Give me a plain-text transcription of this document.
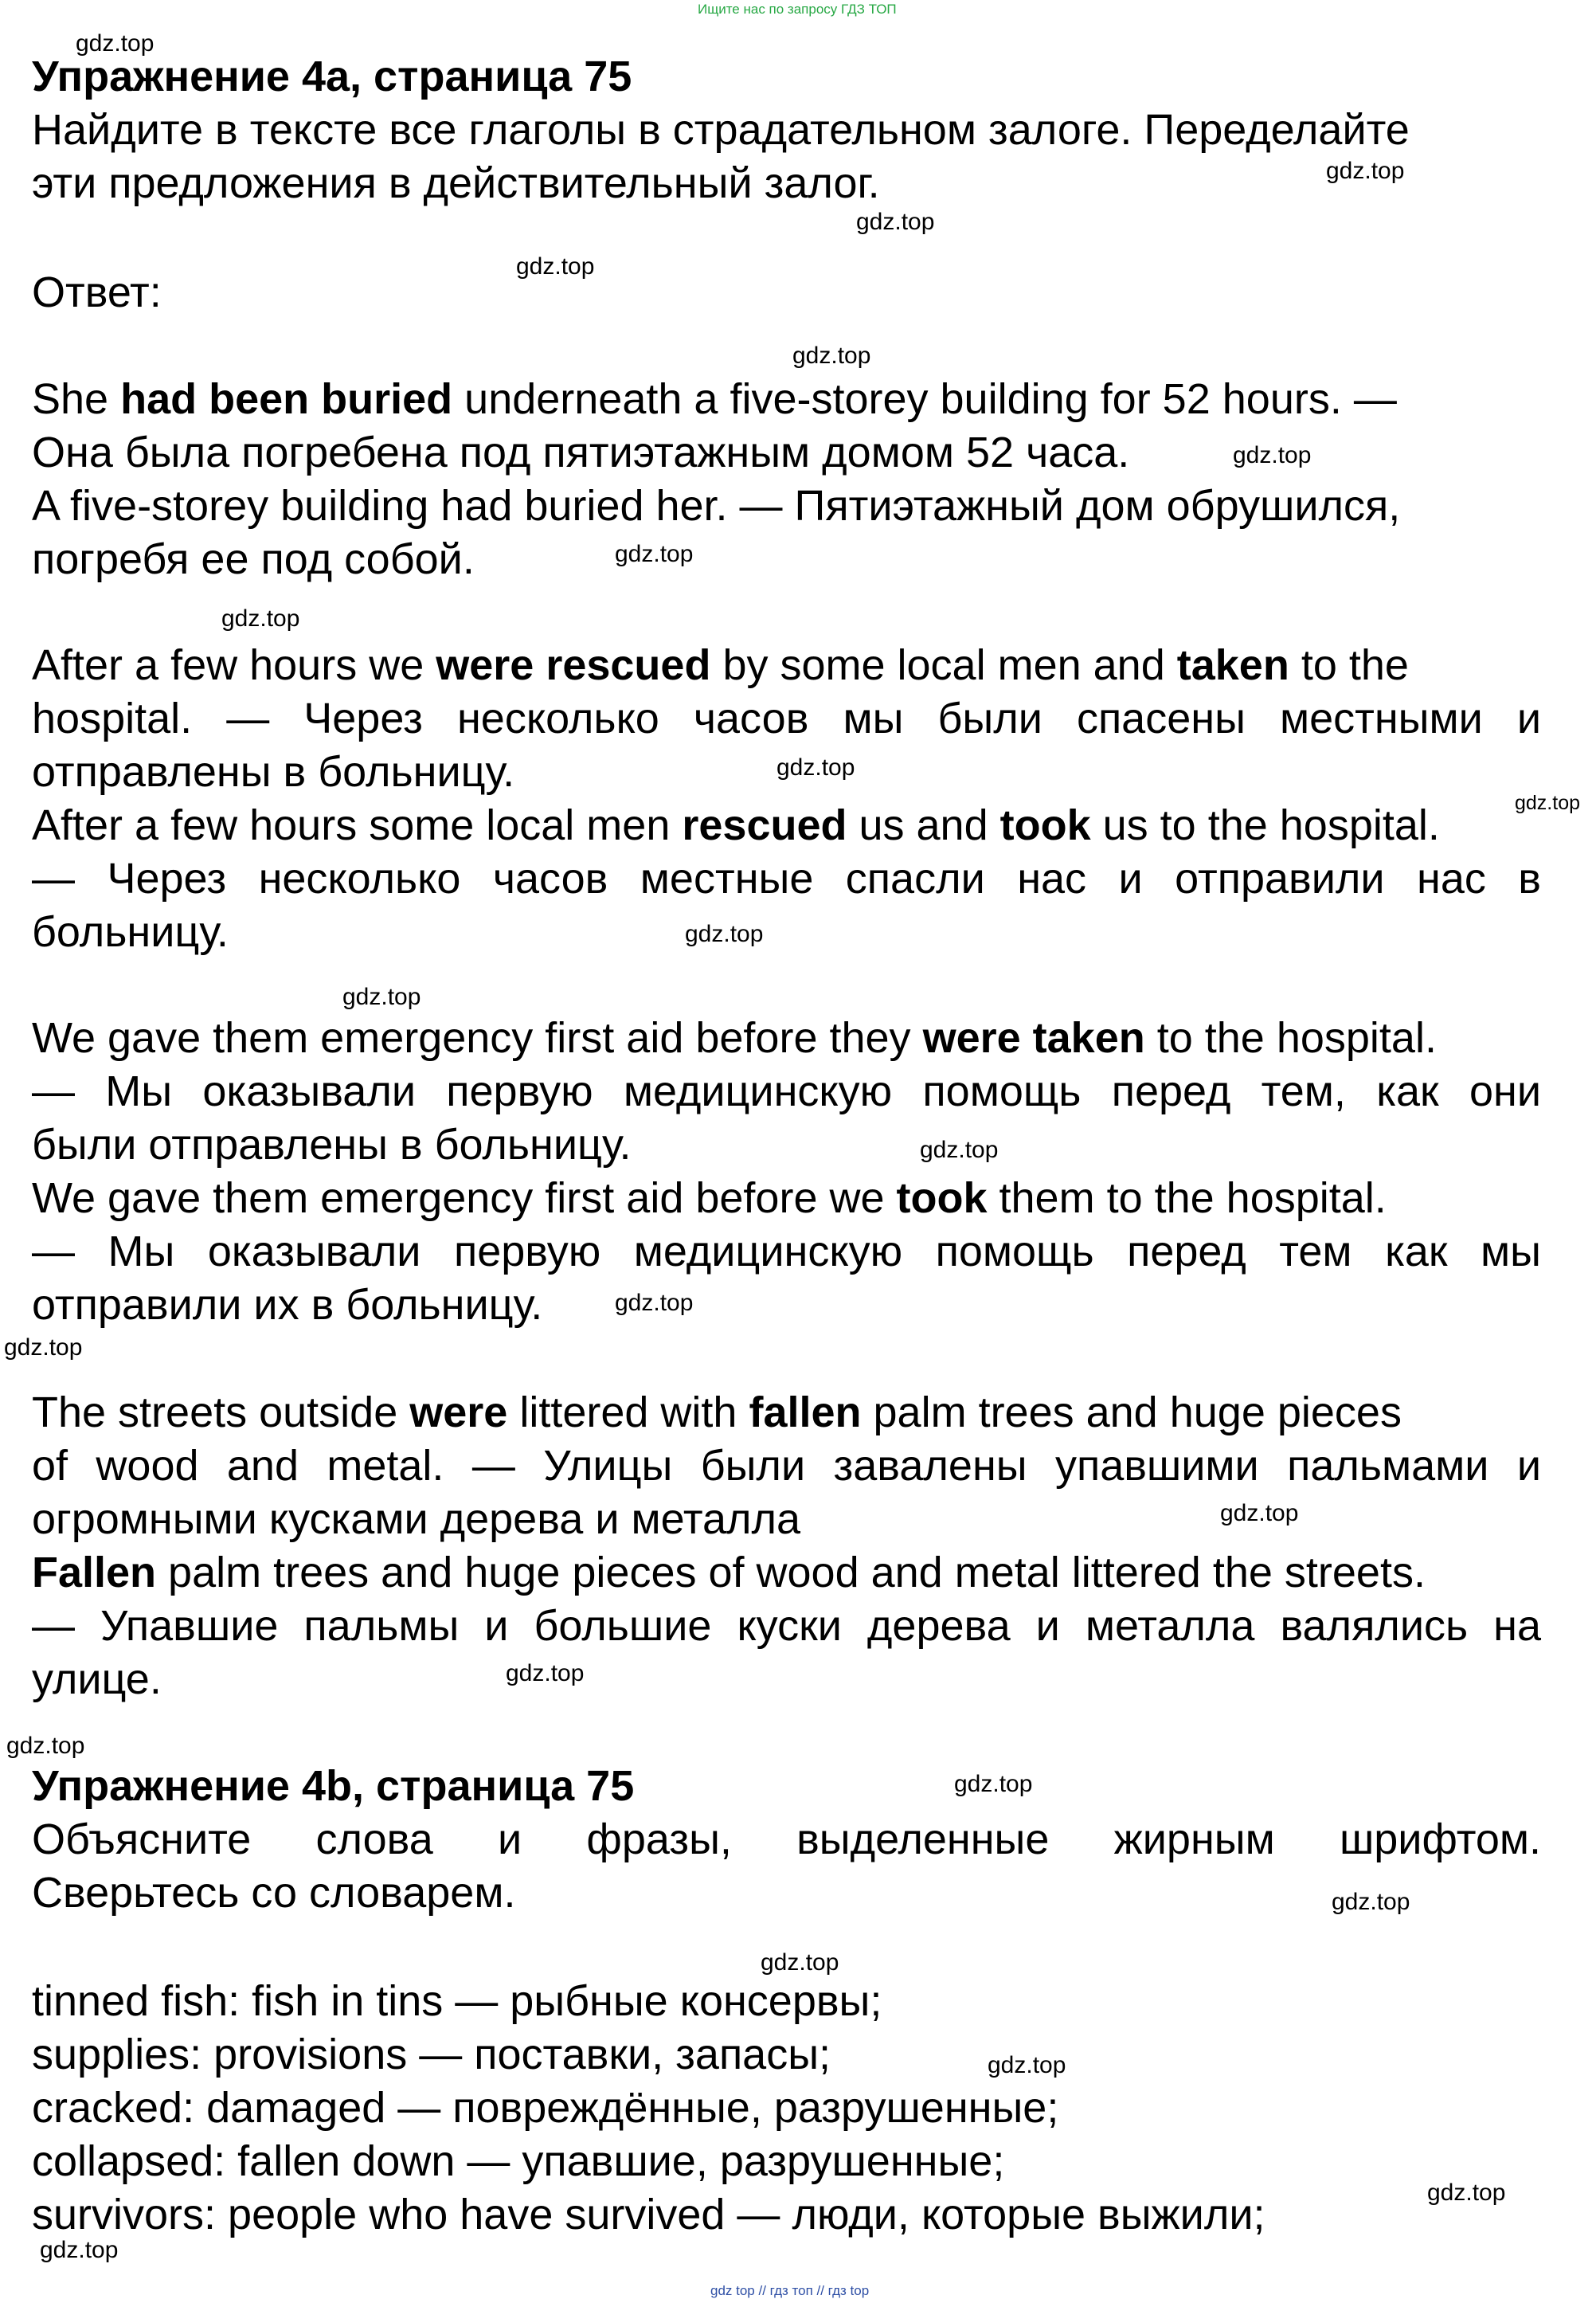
Ищите нас по запросу ГДЗ ТОП
Упражнение 4a, страница 75
Найдите в тексте все глаголы в страдательном залоге. Переделайте
эти предложения в действительный залог.
Ответ:
She had been buried underneath a five-storey building for 52 hours. —
Она была погребена под пятиэтажным домом 52 часа.
A five-storey building had buried her. — Пятиэтажный дом обрушился,
погребя ее под собой.
After a few hours we were rescued by some local men and taken to the
hospital. — Через несколько часов мы были спасены местными и
отправлены в больницу.
After a few hours some local men rescued us and took us to the hospital.
— Через несколько часов местные спасли нас и отправили нас в
больницу.
We gave them emergency first aid before they were taken to the hospital.
— Мы оказывали первую медицинскую помощь перед тем, как они
были отправлены в больницу.
We gave them emergency first aid before we took them to the hospital.
— Мы оказывали первую медицинскую помощь перед тем как мы
отправили их в больницу.
The streets outside were littered with fallen palm trees and huge pieces
of wood and metal. — Улицы были завалены упавшими пальмами и
огромными кусками дерева и металла
Fallen palm trees and huge pieces of wood and metal littered the streets.
— Упавшие пальмы и большие куски дерева и металла валялись на
улице.
Упражнение 4b, страница 75
Объясните слова и фразы, выделенные жирным шрифтом.
Сверьтесь со словарем.
tinned fish: fish in tins — рыбные консервы;
supplies: provisions — поставки, запасы;
cracked: damaged — повреждённые, разрушенные;
collapsed: fallen down — упавшие, разрушенные;
survivors: people who have survived — люди, которые выжили;
gdz.top
gdz.top
gdz.top
gdz.top
gdz.top
gdz.top
gdz.top
gdz.top
gdz.top
gdz.top
gdz.top
gdz.top
gdz.top
gdz.top
gdz.top
gdz.top
gdz.top
gdz.top
gdz.top
gdz.top
gdz.top
gdz.top
gdz.top
gdz.top
gdz top // гдз топ // гдз top
